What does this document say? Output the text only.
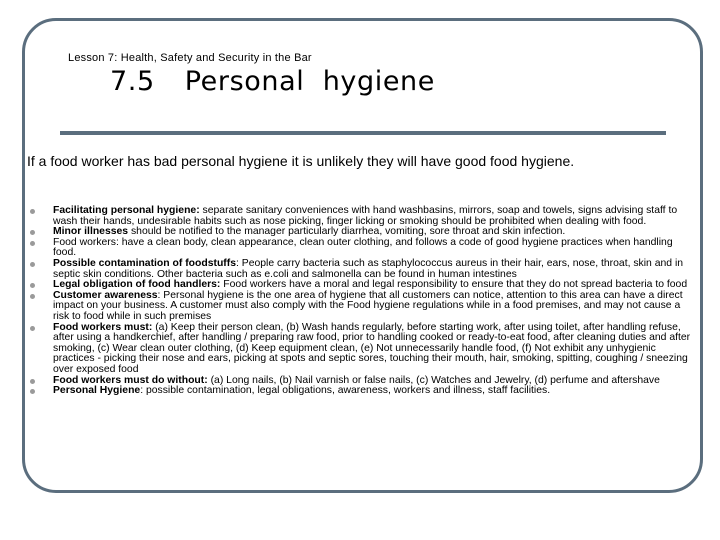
Lesson 7: Health, Safety and Security in the Bar
7.5 Personal  hygiene
If a food worker has bad personal hygiene it is unlikely they will have good food hygiene.
Facilitating personal hygiene: separate sanitary conveniences with hand washbasins, mirrors, soap and towels, signs advising staff to wash their hands, undesirable habits such as nose picking, finger licking or smoking should be prohibited when dealing with food.
Minor illnesses should be notified to the manager particularly diarrhea, vomiting, sore throat and skin infection.
Food workers: have a clean body, clean appearance, clean outer clothing, and follows a code of good hygiene practices when handling food.
Possible contamination of foodstuffs: People carry bacteria such as staphylococcus aureus in their hair, ears, nose, throat, skin and in septic skin conditions. Other bacteria such as e.coli and salmonella can be found in human intestines
Legal obligation of food handlers: Food workers have a moral and legal responsibility to ensure that they do not spread bacteria to food
Customer awareness: Personal hygiene is the one area of hygiene that all customers can notice, attention to this area can have a direct impact on your business. A customer must also comply with the Food hygiene regulations while in a food premises, and may not cause a risk to food while in such premises
Food workers must: (a) Keep their person clean, (b) Wash hands regularly, before starting work, after using toilet, after handling refuse, after using a handkerchief, after handling / preparing raw food, prior to handling cooked or ready-to-eat food, after cleaning duties and after smoking, (c) Wear clean outer clothing, (d) Keep equipment clean, (e) Not unnecessarily handle food, (f) Not exhibit any unhygienic practices - picking their nose and ears, picking at spots and septic sores, touching their mouth, hair, smoking, spitting, coughing / sneezing over exposed food
Food workers must do without: (a) Long nails, (b) Nail varnish or false nails, (c) Watches and Jewelry, (d) perfume and aftershave
Personal Hygiene: possible contamination, legal obligations, awareness, workers and illness, staff facilities.
